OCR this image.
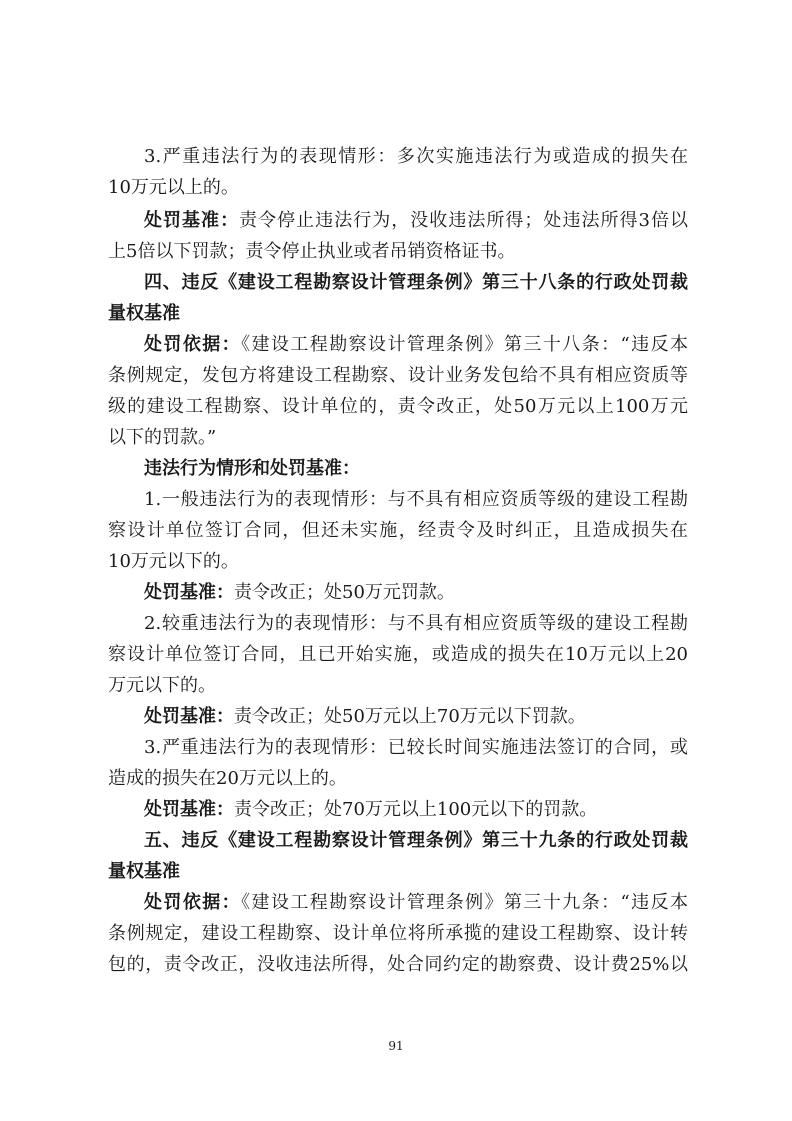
3.严重违法行为的表现情形：多次实施违法行为或造成的损失在
10万元以上的。
处罚基准：责令停止违法行为，没收违法所得；处违法所得3倍以
上5倍以下罚款；责令停止执业或者吊销资格证书。
四、违反《建设工程勘察设计管理条例》第三十八条的行政处罚裁
量权基准
处罚依据：《建设工程勘察设计管理条例》第三十八条：“违反本
条例规定，发包方将建设工程勘察、设计业务发包给不具有相应资质等
级的建设工程勘察、设计单位的，责令改正，处50万元以上100万元
以下的罚款。”
违法行为情形和处罚基准：
1.一般违法行为的表现情形：与不具有相应资质等级的建设工程勘
察设计单位签订合同，但还未实施，经责令及时纠正，且造成损失在
10万元以下的。
处罚基准：责令改正；处50万元罚款。
2.较重违法行为的表现情形：与不具有相应资质等级的建设工程勘
察设计单位签订合同，且已开始实施，或造成的损失在10万元以上20
万元以下的。
处罚基准：责令改正；处50万元以上70万元以下罚款。
3.严重违法行为的表现情形：已较长时间实施违法签订的合同，或
造成的损失在20万元以上的。
处罚基准：责令改正；处70万元以上100元以下的罚款。
五、违反《建设工程勘察设计管理条例》第三十九条的行政处罚裁
量权基准
处罚依据：《建设工程勘察设计管理条例》第三十九条：“违反本
条例规定，建设工程勘察、设计单位将所承揽的建设工程勘察、设计转
包的，责令改正，没收违法所得，处合同约定的勘察费、设计费25%以
91
